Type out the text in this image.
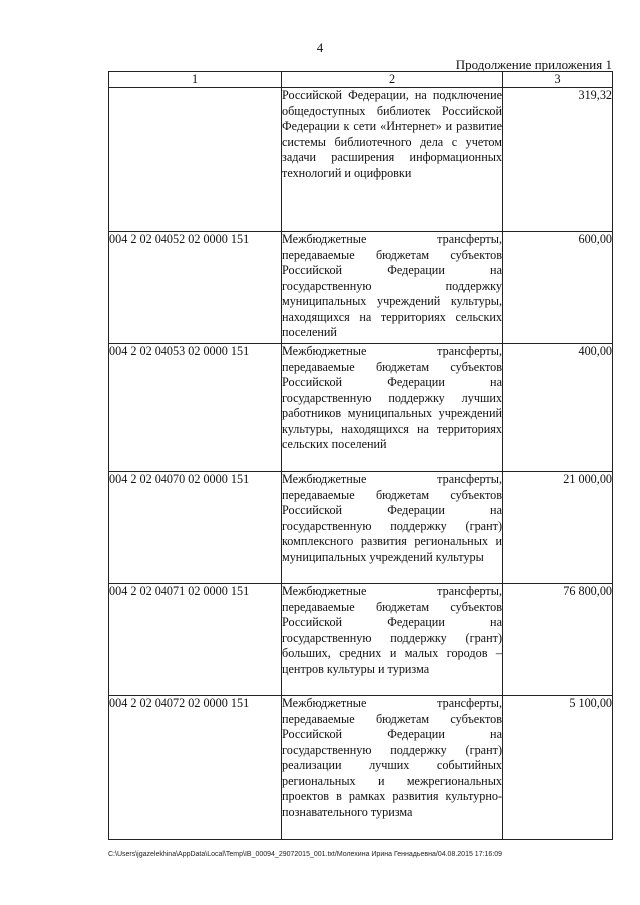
4
Продолжение приложения 1
1	2	3

	Российской Федерации, на подключение общедоступных библиотек Российской Федерации к сети «Интернет» и развитие системы библиотечного дела с учетом задачи расширения информационных технологий и оцифровки	319,32
004 2 02 04052 02 0000 151	Межбюджетные трансферты, передаваемые бюджетам субъектов Российской Федерации на государственную поддержку муниципальных учреждений культуры, находящихся на территориях сельских поселений	600,00
004 2 02 04053 02 0000 151	Межбюджетные трансферты, передаваемые бюджетам субъектов Российской Федерации на государственную поддержку лучших работников муниципальных учреждений культуры, находящихся на территориях сельских поселений	400,00
004 2 02 04070 02 0000 151	Межбюджетные трансферты, передаваемые бюджетам субъектов Российской Федерации на государственную поддержку (грант) комплексного развития региональных и муниципальных учреждений культуры	21 000,00
004 2 02 04071 02 0000 151	Межбюджетные трансферты, передаваемые бюджетам субъектов Российской Федерации на государственную поддержку (грант) больших, средних и малых городов – центров культуры и туризма	76 800,00
004 2 02 04072 02 0000 151	Межбюджетные трансферты, передаваемые бюджетам субъектов Российской Федерации на государственную поддержку (грант) реализации лучших событийных региональных и межрегиональных проектов в рамках развития культурно-познавательного туризма	5 100,00
C:\Users\jgazelekhina\AppData\Local\Temp\IB_00094_29072015_001.txt/Молехина Ирина Геннадьевна/04.08.2015 17:16:09
